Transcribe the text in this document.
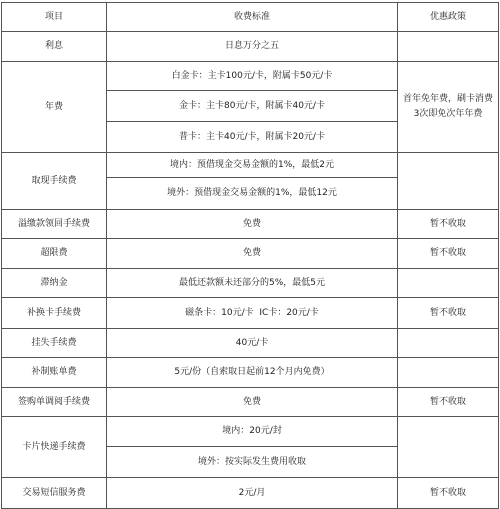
项目	收费标准	优惠政策
利息	日息万分之五	
年费	白金卡：主卡100元/卡，附属卡50元/卡	首年免年费，刷卡消费3次即免次年年费
	金卡：主卡80元/卡，附属卡40元/卡	
	普卡：主卡40元/卡，附属卡20元/卡	
取现手续费	境内：预借现金交易金额的1%，最低2元	
	境外：预借现金交易金额的1%，最低12元	
溢缴款领回手续费	免费	暂不收取
超限费	免费	暂不收取
滞纳金	最低还款额未还部分的5%，最低5元	
补换卡手续费	磁条卡：10元/卡  IC卡：20元/卡	暂不收取
挂失手续费	40元/卡	
补制账单费	5元/份（自索取日起前12个月内免费）	
签购单调阅手续费	免费	暂不收取
卡片快递手续费	境内：20元/封	
	境外：按实际发生费用收取	
交易短信服务费	2元/月	暂不收取
